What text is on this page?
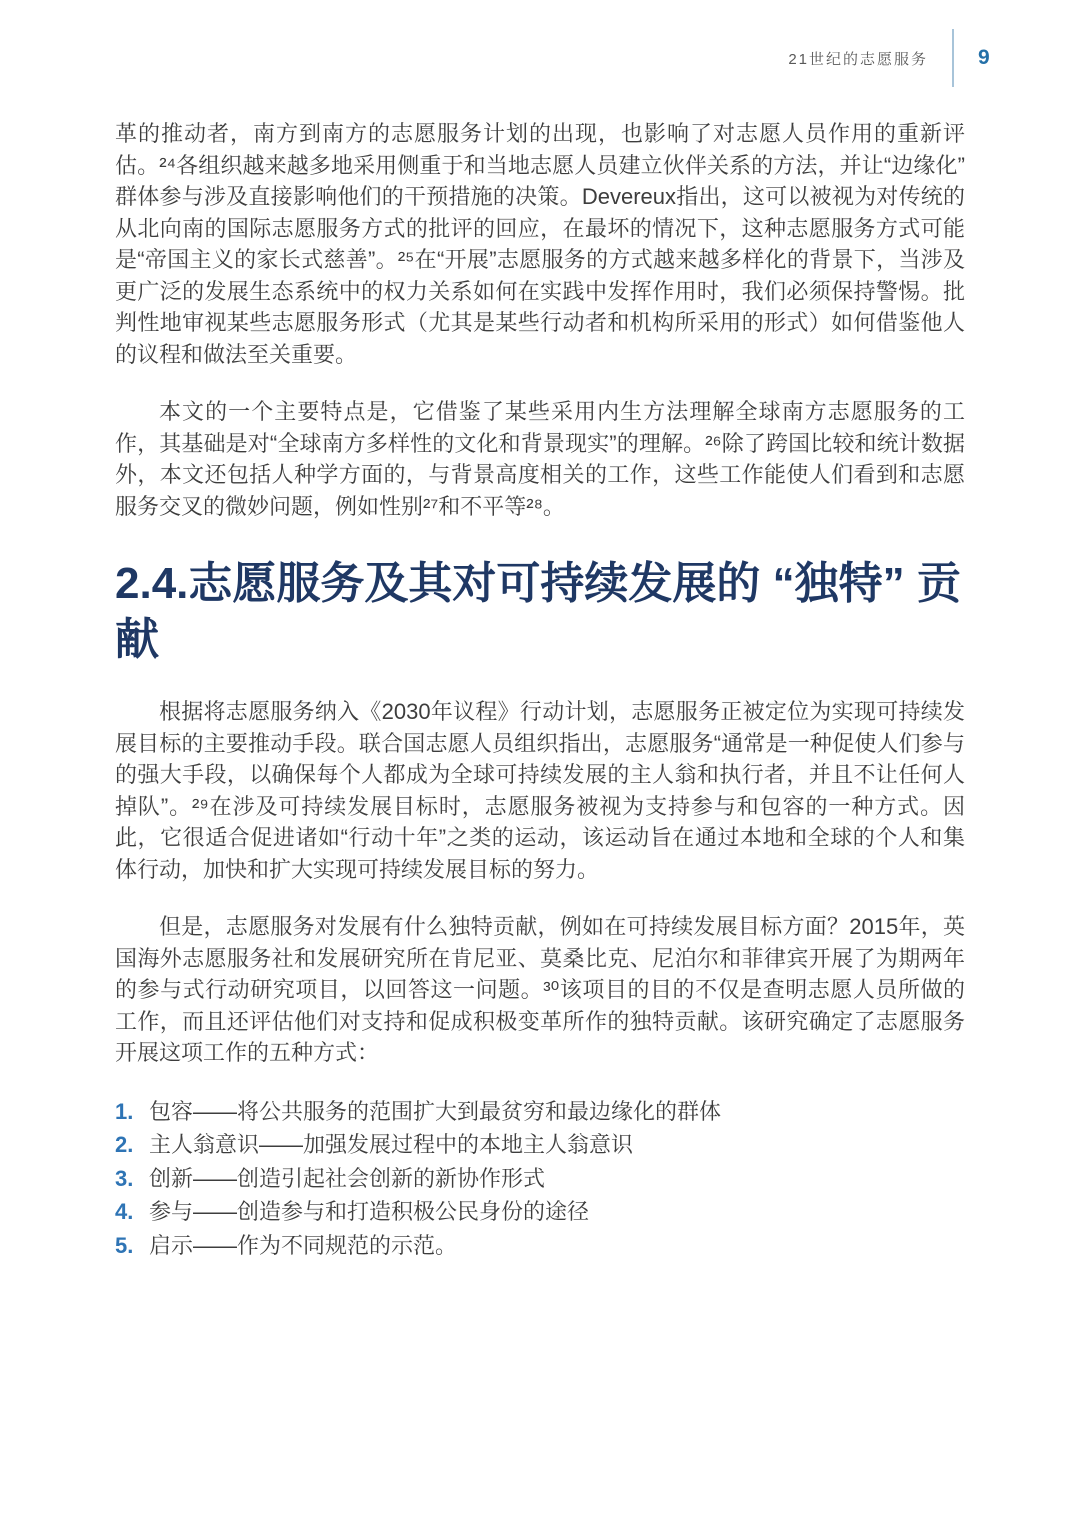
21世纪的志愿服务 9

革的推动者，南方到南方的志愿服务计划的出现，也影响了对志愿人员作用的重新评估。²⁴各组织越来越多地采用侧重于和当地志愿人员建立伙伴关系的方法，并让“边缘化”群体参与涉及直接影响他们的干预措施的决策。Devereux指出，这可以被视为对传统的从北向南的国际志愿服务方式的批评的回应，在最坏的情况下，这种志愿服务方式可能是“帝国主义的家长式慈善”。²⁵在“开展”志愿服务的方式越来越多样化的背景下，当涉及更广泛的发展生态系统中的权力关系如何在实践中发挥作用时，我们必须保持警惕。批判性地审视某些志愿服务形式（尤其是某些行动者和机构所采用的形式）如何借鉴他人的议程和做法至关重要。

本文的一个主要特点是，它借鉴了某些采用内生方法理解全球南方志愿服务的工作，其基础是对“全球南方多样性的文化和背景现实”的理解。²⁶除了跨国比较和统计数据外，本文还包括人种学方面的，与背景高度相关的工作，这些工作能使人们看到和志愿服务交叉的微妙问题，例如性别²⁷和不平等²⁸。

2.4.志愿服务及其对可持续发展的 “独特” 贡献

根据将志愿服务纳入《2030年议程》行动计划，志愿服务正被定位为实现可持续发展目标的主要推动手段。联合国志愿人员组织指出，志愿服务“通常是一种促使人们参与的强大手段，以确保每个人都成为全球可持续发展的主人翁和执行者，并且不让任何人掉队”。²⁹在涉及可持续发展目标时，志愿服务被视为支持参与和包容的一种方式。因此，它很适合促进诸如“行动十年”之类的运动，该运动旨在通过本地和全球的个人和集体行动，加快和扩大实现可持续发展目标的努力。

但是，志愿服务对发展有什么独特贡献，例如在可持续发展目标方面？2015年，英国海外志愿服务社和发展研究所在肯尼亚、莫桑比克、尼泊尔和菲律宾开展了为期两年的参与式行动研究项目，以回答这一问题。³⁰该项目的目的不仅是查明志愿人员所做的工作，而且还评估他们对支持和促成积极变革所作的独特贡献。该研究确定了志愿服务开展这项工作的五种方式：

1. 包容——将公共服务的范围扩大到最贫穷和最边缘化的群体
2. 主人翁意识——加强发展过程中的本地主人翁意识
3. 创新——创造引起社会创新的新协作形式
4. 参与——创造参与和打造积极公民身份的途径
5. 启示——作为不同规范的示范。
